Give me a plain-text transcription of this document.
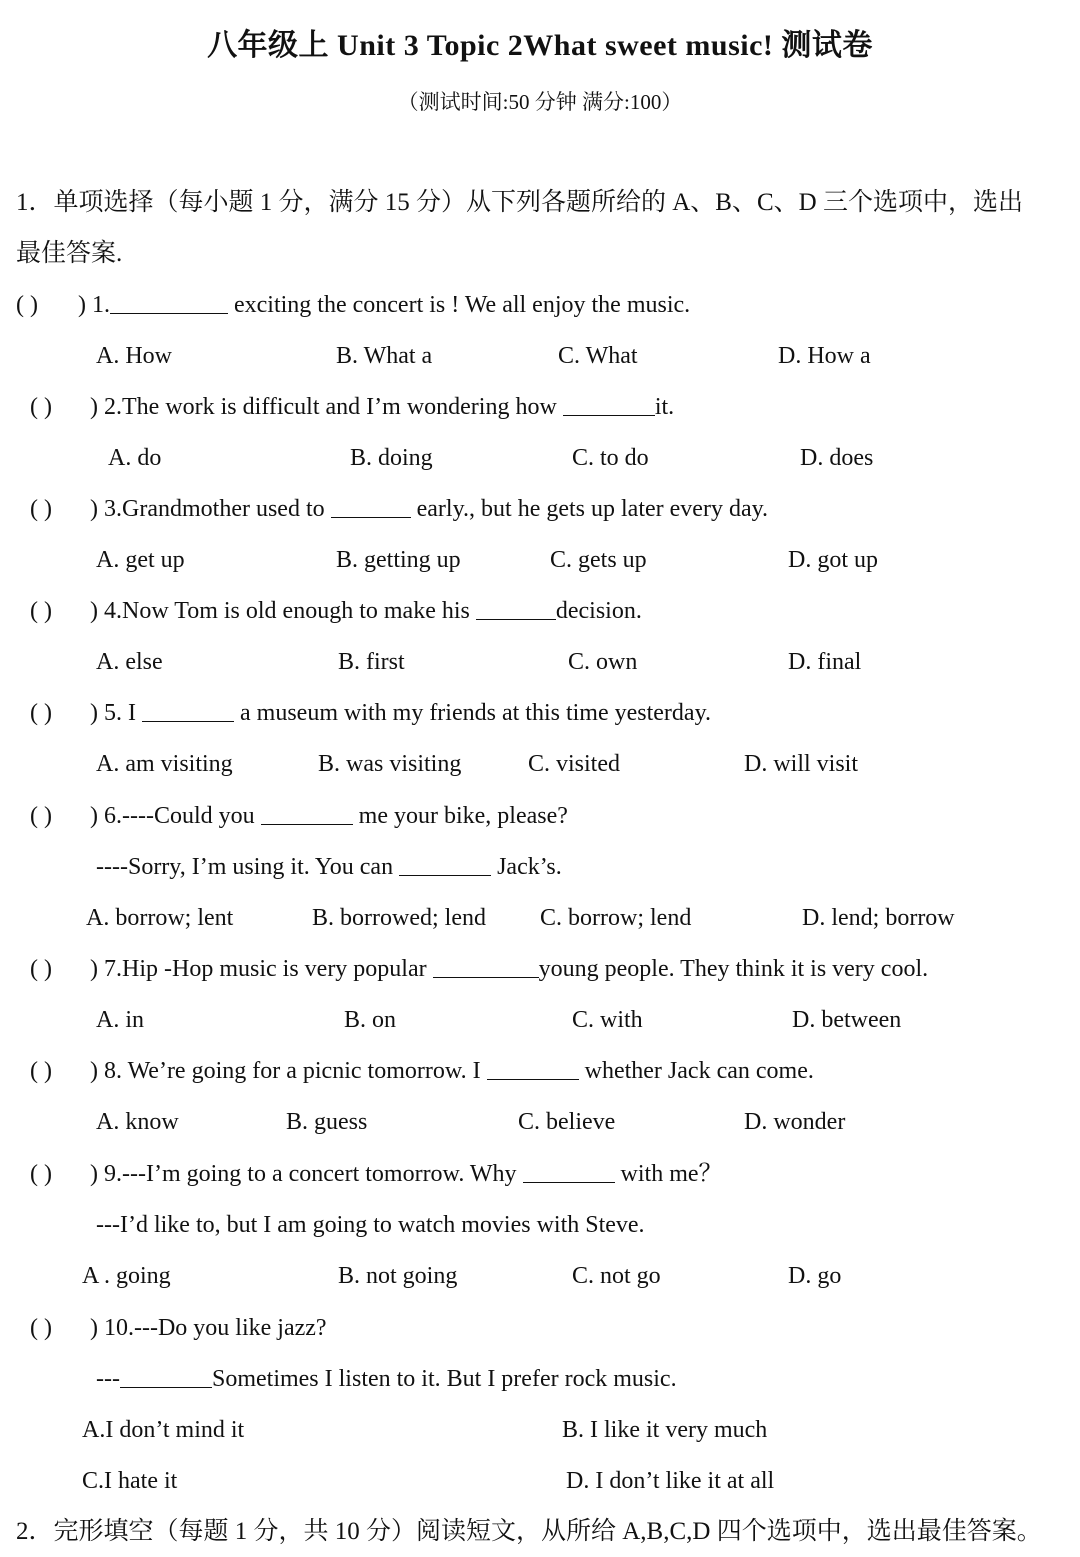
八年级上 Unit 3 Topic 2What sweet music! 测试卷
（测试时间:50 分钟 满分:100）
1．单项选择（每小题 1 分，满分 15 分）从下列各题所给的 A、B、C、D 三个选项中，选出
最佳答案.
( ) ) 1.	exciting the concert is ! We all enjoy the music.
A. How	B. What a	C. What	D. How a
( ) ) 2.The work is difficult and I’m wondering how	it.
A. do	B. doing	C. to do	D. does
( ) ) 3.Grandmother used to	early., but he gets up later every day.
A. get up	B. getting up	C. gets up	D. got up
( ) ) 4.Now Tom is old enough to make his	decision.
A. else	B. first	C. own	D. final
( ) ) 5. I	a museum with my friends at this time yesterday.
A. am visiting	B. was visiting	C. visited	D. will visit
( ) ) 6.----Could you	me your bike, please?
----Sorry, I’m using it. You can	Jack’s.
A. borrow; lent	B. borrowed; lend C. borrow; lend	D. lend; borrow
( ) ) 7.Hip -Hop music is very popular	young people. They think it is very cool.
A. in	B. on	C. with	D. between
( ) ) 8. We’re going for a picnic tomorrow. I	whether Jack can come.
A. know	B. guess	C. believe	D. wonder
( ) ) 9.---I’m going to a concert tomorrow. Why	with me？
---I’d like to, but I am going to watch movies with Steve.
A . going	B. not going	C. not go	D. go
( ) ) 10.---Do you like jazz?
---	Sometimes I listen to it. But I prefer rock music.
A.I don’t mind it	B. I like it very much
C.I hate it	D. I don’t like it at all
2．完形填空（每题 1 分，共 10 分）阅读短文，从所给 A,B,C,D 四个选项中，选出最佳答案。
